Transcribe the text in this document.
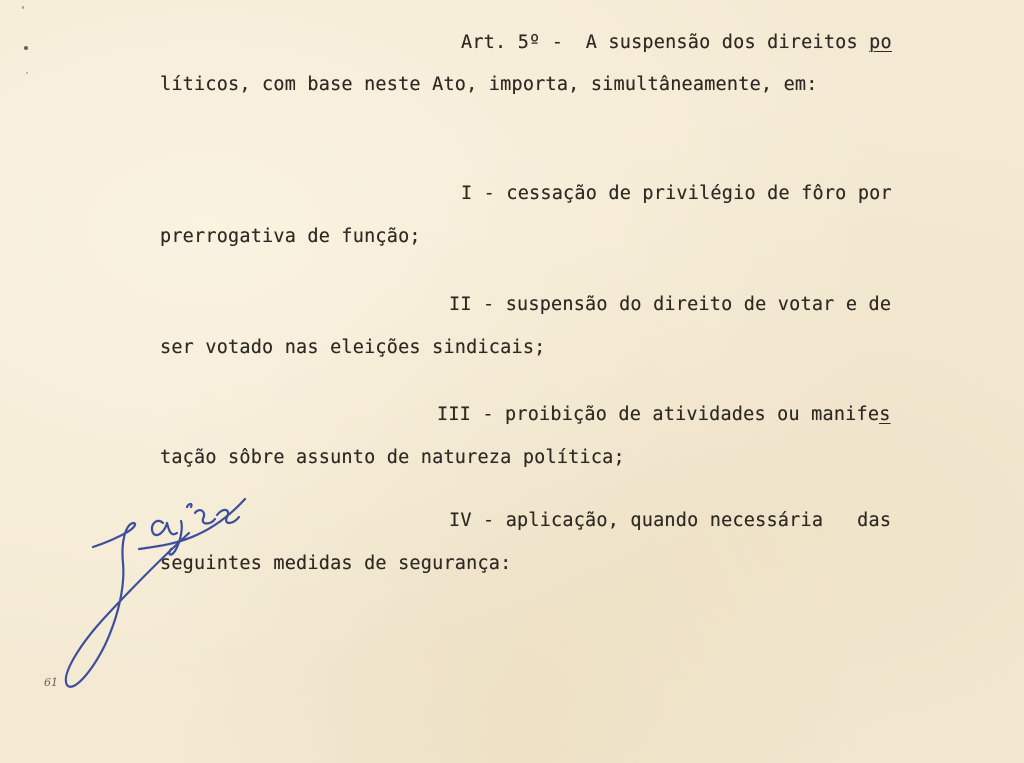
Art. 5º -  A suspensão dos direitos po
líticos, com base neste Ato, importa, simultâneamente, em:
I - cessação de privilégio de fôro por
prerrogativa de função;
II - suspensão do direito de votar e de
ser votado nas eleições sindicais;
III - proibição de atividades ou manifes
tação sôbre assunto de natureza política;
IV - aplicação, quando necessária   das
seguintes medidas de segurança:
61
